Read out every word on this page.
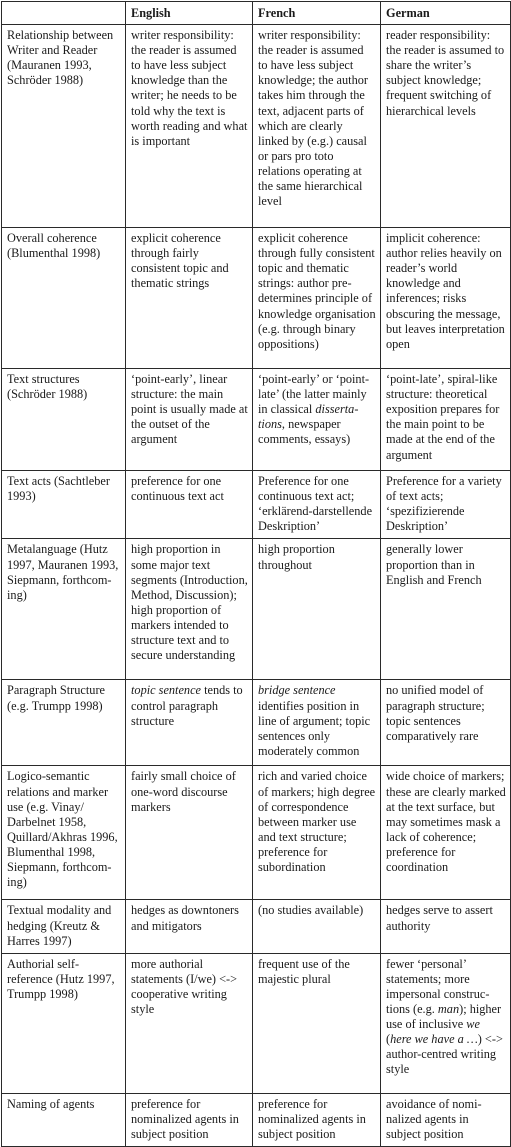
	English	French	German
Relationship between Writer and Reader (Mauranen 1993, Schröder 1988)	writer responsibility: the reader is assumed to have less subject knowledge than the writer; he needs to be told why the text is worth reading and what is important	writer responsibility: the reader is assumed to have less subject knowledge; the author takes him through the text, adjacent parts of which are clearly linked by (e.g.) causal or pars pro toto relations operating at the same hierarchical level	reader responsibility: the reader is assumed to share the writer’s subject knowledge; frequent switching of hierarchical levels
Overall coherence (Blumenthal 1998)	explicit coherence through fairly consistent topic and thematic strings	explicit coherence through fully consistent topic and thematic strings: author pre-determines principle of knowledge organisation (e.g. through binary oppositions)	implicit coherence: author relies heavily on reader’s world knowledge and inferences; risks obscuring the message, but leaves interpretation open
Text structures (Schröder 1988)	‘point-early’, linear structure: the main point is usually made at the outset of the argument	‘point-early’ or ‘point-late’ (the latter mainly in classical dissertations, newspaper comments, essays)	‘point-late’, spiral-like structure: theoretical exposition prepares for the main point to be made at the end of the argument
Text acts (Sachtleber 1993)	preference for one continuous text act	Preference for one continuous text act; ‘erklärend-darstellende Deskription’	Preference for a variety of text acts; ‘spezifizierende Deskription’
Metalanguage (Hutz 1997, Mauranen 1993, Siepmann, forthcoming)	high proportion in some major text segments (Introduction, Method, Discussion); high proportion of markers intended to structure text and to secure understanding	high proportion throughout	generally lower proportion than in English and French
Paragraph Structure (e.g. Trumpp 1998)	topic sentence tends to control paragraph structure	bridge sentence identifies position in line of argument; topic sentences only moderately common	no unified model of paragraph structure; topic sentences comparatively rare
Logico-semantic relations and marker use (e.g. Vinay/ Darbelnet 1958, Quillard/Akhras 1996, Blumenthal 1998, Siepmann, forthcoming)	fairly small choice of one-word discourse markers	rich and varied choice of markers; high degree of correspondence between marker use and text structure; preference for subordination	wide choice of markers; these are clearly marked at the text surface, but may sometimes mask a lack of coherence; preference for coordination
Textual modality and hedging (Kreutz & Harres 1997)	hedges as downtoners and mitigators	(no studies available)	hedges serve to assert authority
Authorial self-reference (Hutz 1997, Trumpp 1998)	more authorial statements (I/we) <-> cooperative writing style	frequent use of the majestic plural	fewer ‘personal’ statements; more impersonal constructions (e.g. man); higher use of inclusive we (here we have a …) <-> author-centred writing style
Naming of agents	preference for nominalized agents in subject position	preference for nominalized agents in subject position	avoidance of nominalized agents in subject position
